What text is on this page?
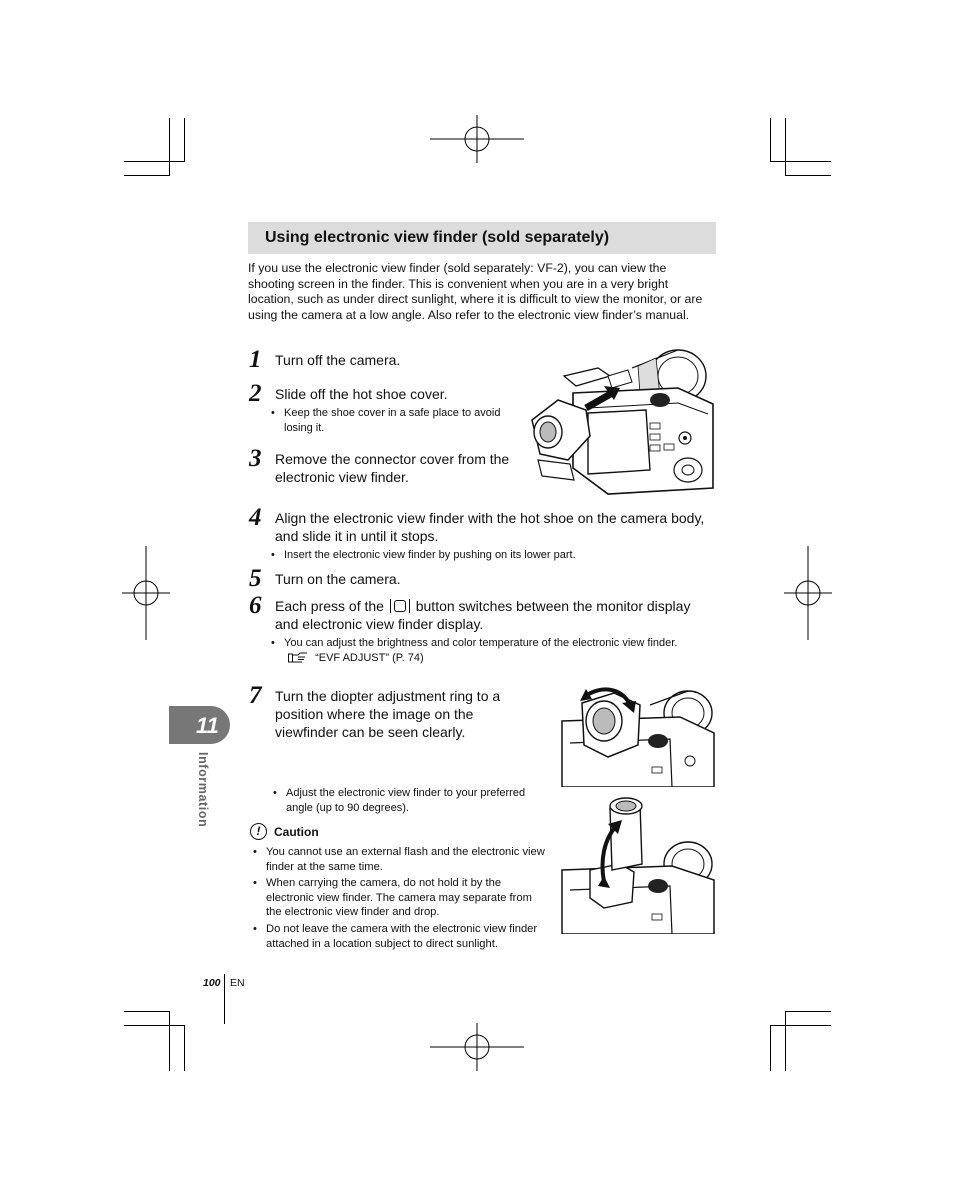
Using electronic view finder (sold separately)
If you use the electronic view finder (sold separately: VF-2), you can view the shooting screen in the finder. This is convenient when you are in a very bright location, such as under direct sunlight, where it is difficult to view the monitor, or are using the camera at a low angle. Also refer to the electronic view finder’s manual.
1 Turn off the camera.
2 Slide off the hot shoe cover.
• Keep the shoe cover in a safe place to avoid losing it.
3 Remove the connector cover from the electronic view finder.
4 Align the electronic view finder with the hot shoe on the camera body, and slide it in until it stops.
• Insert the electronic view finder by pushing on its lower part.
5 Turn on the camera.
6 Each press of the button switches between the monitor display and electronic view finder display.
• You can adjust the brightness and color temperature of the electronic view finder.  “EVF ADJUST” (P. 74)
7 Turn the diopter adjustment ring to a position where the image on the viewfinder can be seen clearly.
• Adjust the electronic view finder to your preferred angle (up to 90 degrees).
!	Caution
• You cannot use an external flash and the electronic view finder at the same time.
• When carrying the camera, do not hold it by the electronic view finder. The camera may separate from the electronic view finder and drop.
• Do not leave the camera with the electronic view finder attached in a location subject to direct sunlight.
11
Information
100 EN
